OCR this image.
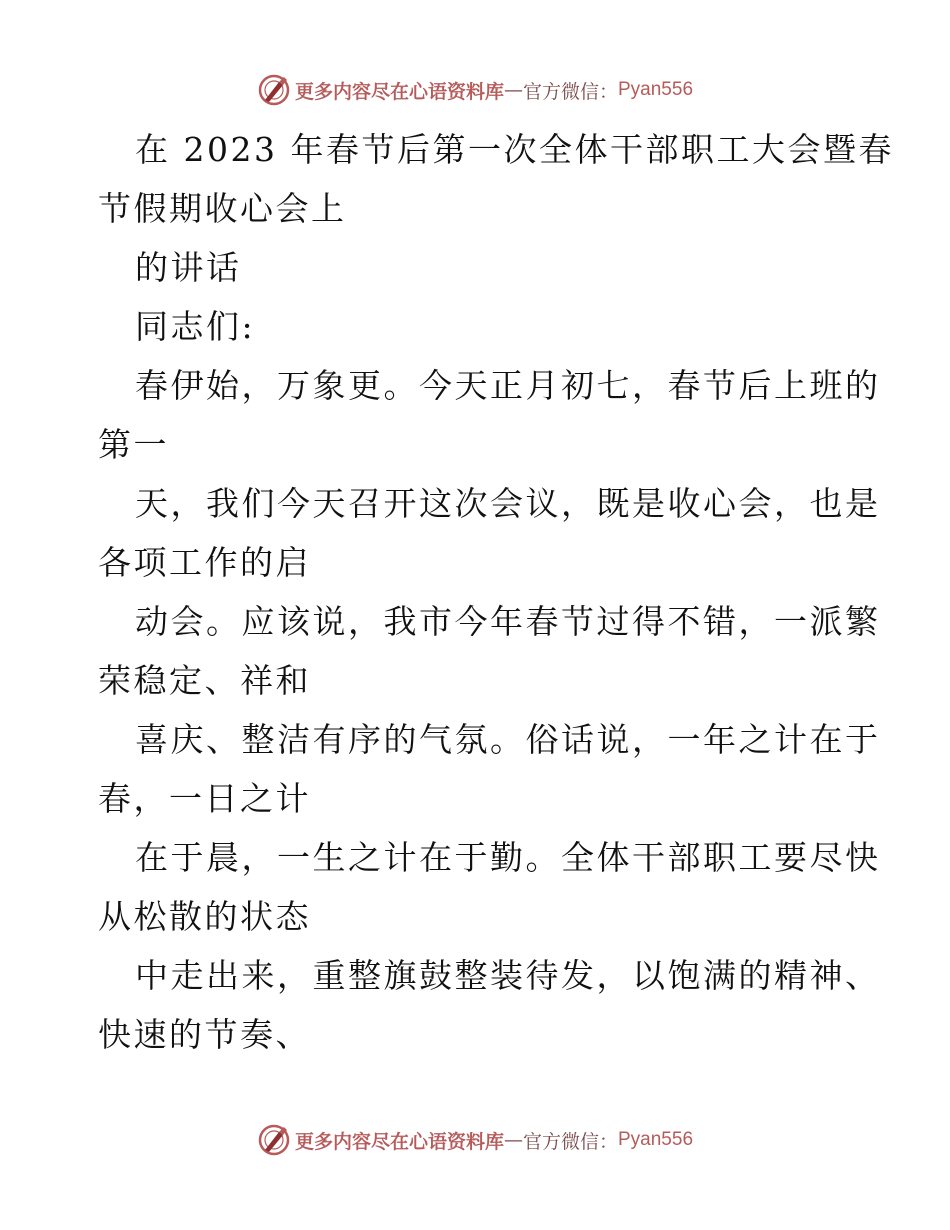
更多内容尽在心语资料库 — 官方微信： Pyan556
在 2023 年春节后第一次全体干部职工大会暨春
节假期收心会上
的讲话
同志们:
春伊始，万象更。今天正月初七，春节后上班的
第一
天，我们今天召开这次会议，既是收心会，也是
各项工作的启
动会。应该说，我市今年春节过得不错，一派繁
荣稳定、祥和
喜庆、整洁有序的气氛。俗话说，一年之计在于
春，一日之计
在于晨，一生之计在于勤。全体干部职工要尽快
从松散的状态
中走出来，重整旗鼓整装待发，以饱满的精神、
快速的节奏、
更多内容尽在心语资料库 — 官方微信： Pyan556
